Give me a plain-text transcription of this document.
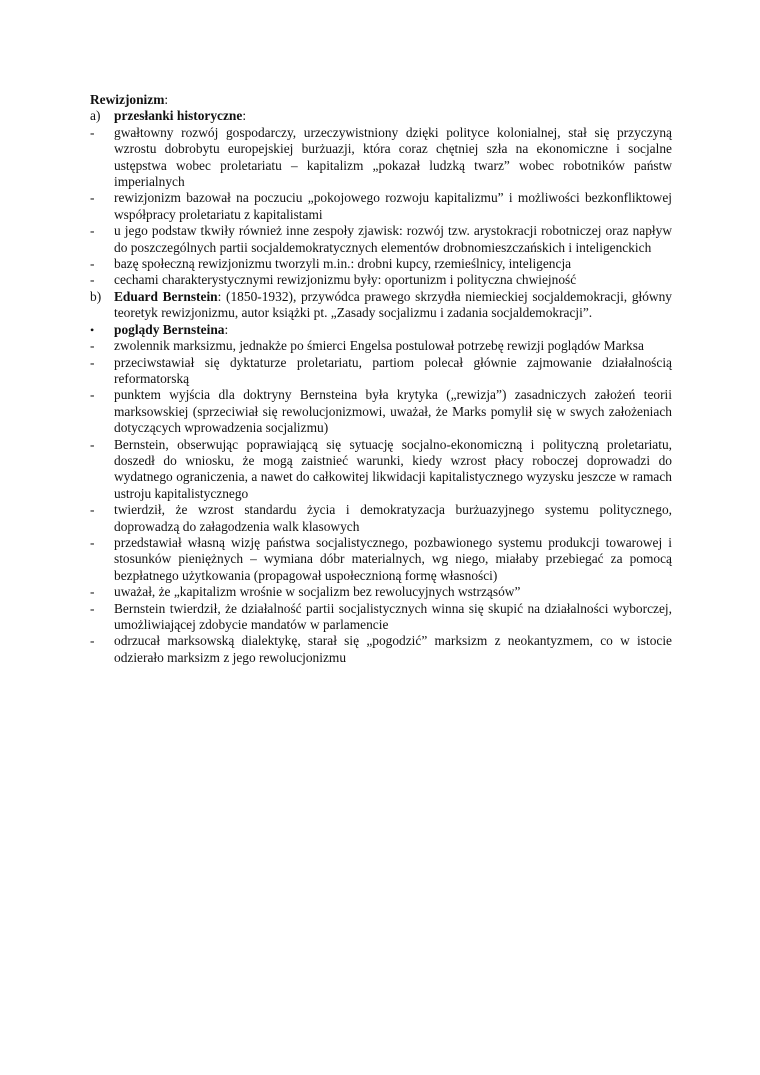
Rewizjonizm:
a)	przesłanki historyczne:
-	gwałtowny rozwój gospodarczy, urzeczywistniony dzięki polityce kolonialnej, stał się przyczyną wzrostu dobrobytu europejskiej burżuazji, która coraz chętniej szła na ekonomiczne i socjalne ustępstwa wobec proletariatu – kapitalizm „pokazał ludzką twarz” wobec robotników państw imperialnych
-	rewizjonizm bazował na poczuciu „pokojowego rozwoju kapitalizmu” i możliwości bezkonfliktowej współpracy proletariatu z kapitalistami
-	u jego podstaw tkwiły również inne zespoły zjawisk: rozwój tzw. arystokracji robotniczej oraz napływ do poszczególnych partii socjaldemokratycznych elementów drobnomieszczańskich i inteligenckich
-	bazę społeczną rewizjonizmu tworzyli m.in.: drobni kupcy, rzemieślnicy, inteligencja
-	cechami charakterystycznymi rewizjonizmu były: oportunizm i polityczna chwiejność
b) Eduard Bernstein: (1850-1932), przywódca prawego skrzydła niemieckiej socjaldemokracji, główny teoretyk rewizjonizmu, autor książki pt. „Zasady socjalizmu i zadania socjaldemokracji”.
•	poglądy Bernsteina:
-	zwolennik marksizmu, jednakże po śmierci Engelsa postulował potrzebę rewizji poglądów Marksa
-	przeciwstawiał się dyktaturze proletariatu, partiom polecał głównie zajmowanie działalnością reformatorską
-	punktem wyjścia dla doktryny Bernsteina była krytyka („rewizja”) zasadniczych założeń teorii marksowskiej (sprzeciwiał się rewolucjonizmowi, uważał, że Marks pomylił się w swych założeniach dotyczących wprowadzenia socjalizmu)
-	Bernstein, obserwując poprawiającą się sytuację socjalno-ekonomiczną i polityczną proletariatu, doszedł do wniosku, że mogą zaistnieć warunki, kiedy wzrost płacy roboczej doprowadzi do wydatnego ograniczenia, a nawet do całkowitej likwidacji kapitalistycznego wyzysku jeszcze w ramach ustroju kapitalistycznego
-	twierdził, że wzrost standardu życia i demokratyzacja burżuazyjnego systemu politycznego, doprowadzą do załagodzenia walk klasowych
-	przedstawiał własną wizję państwa socjalistycznego, pozbawionego systemu produkcji towarowej i stosunków pieniężnych – wymiana dóbr materialnych, wg niego, miałaby przebiegać za pomocą bezpłatnego użytkowania (propagował uspołecznioną formę własności)
-	uważał, że „kapitalizm wrośnie w socjalizm bez rewolucyjnych wstrząsów”
-	Bernstein twierdził, że działalność partii socjalistycznych winna się skupić na działalności wyborczej, umożliwiającej zdobycie mandatów w parlamencie
-	odrzucał marksowską dialektykę, starał się „pogodzić” marksizm z neokantyzmem, co w istocie odzierało marksizm z jego rewolucjonizmu
